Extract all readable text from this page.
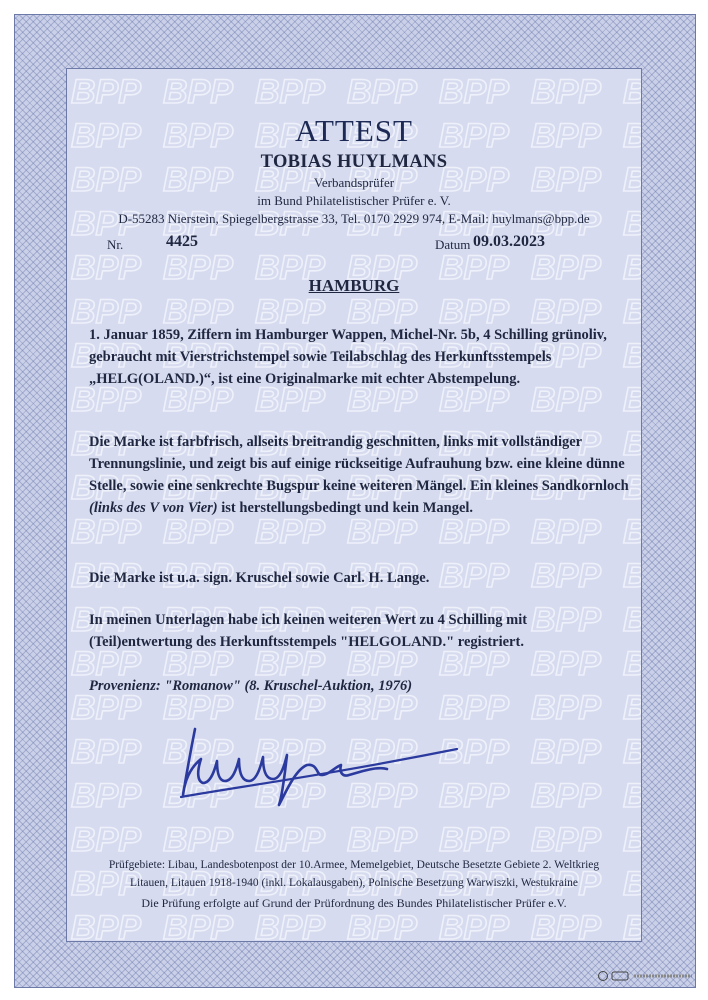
ATTEST
TOBIAS HUYLMANS
Verbandsprüfer
im Bund Philatelistischer Prüfer e. V.
D-55283 Nierstein, Spiegelbergstrasse 33, Tel. 0170 2929 974, E-Mail: huylmans@bpp.de
Nr.	4425	Datum 09.03.2023
HAMBURG

1. Januar 1859, Ziffern im Hamburger Wappen, Michel-Nr. 5b, 4 Schilling grünoliv, gebraucht mit Vierstrichstempel sowie Teilabschlag des Herkunftsstempels „HELG(OLAND.)“, ist eine Originalmarke mit echter Abstempelung.

Die Marke ist farbfrisch, allseits breitrandig geschnitten, links mit vollständiger Trennungslinie, und zeigt bis auf einige rückseitige Aufrauhung bzw. eine kleine dünne Stelle, sowie eine senkrechte Bugspur keine weiteren Mängel. Ein kleines Sandkornloch (links des V von Vier) ist herstellungsbedingt und kein Mangel.

Die Marke ist u.a. sign. Kruschel sowie Carl. H. Lange.

In meinen Unterlagen habe ich keinen weiteren Wert zu 4 Schilling mit (Teil)entwertung des Herkunftsstempels "HELGOLAND." registriert.

Provenienz: "Romanow" (8. Kruschel-Auktion, 1976)

Prüfgebiete: Libau, Landesbotenpost der 10.Armee, Memelgebiet, Deutsche Besetzte Gebiete 2. Weltkrieg
Litauen, Litauen 1918-1940 (inkl. Lokalausgaben), Polnische Besetzung Warwiszki, Westukraine
Die Prüfung erfolgte auf Grund der Prüfordnung des Bundes Philatelistischer Prüfer e.V.
